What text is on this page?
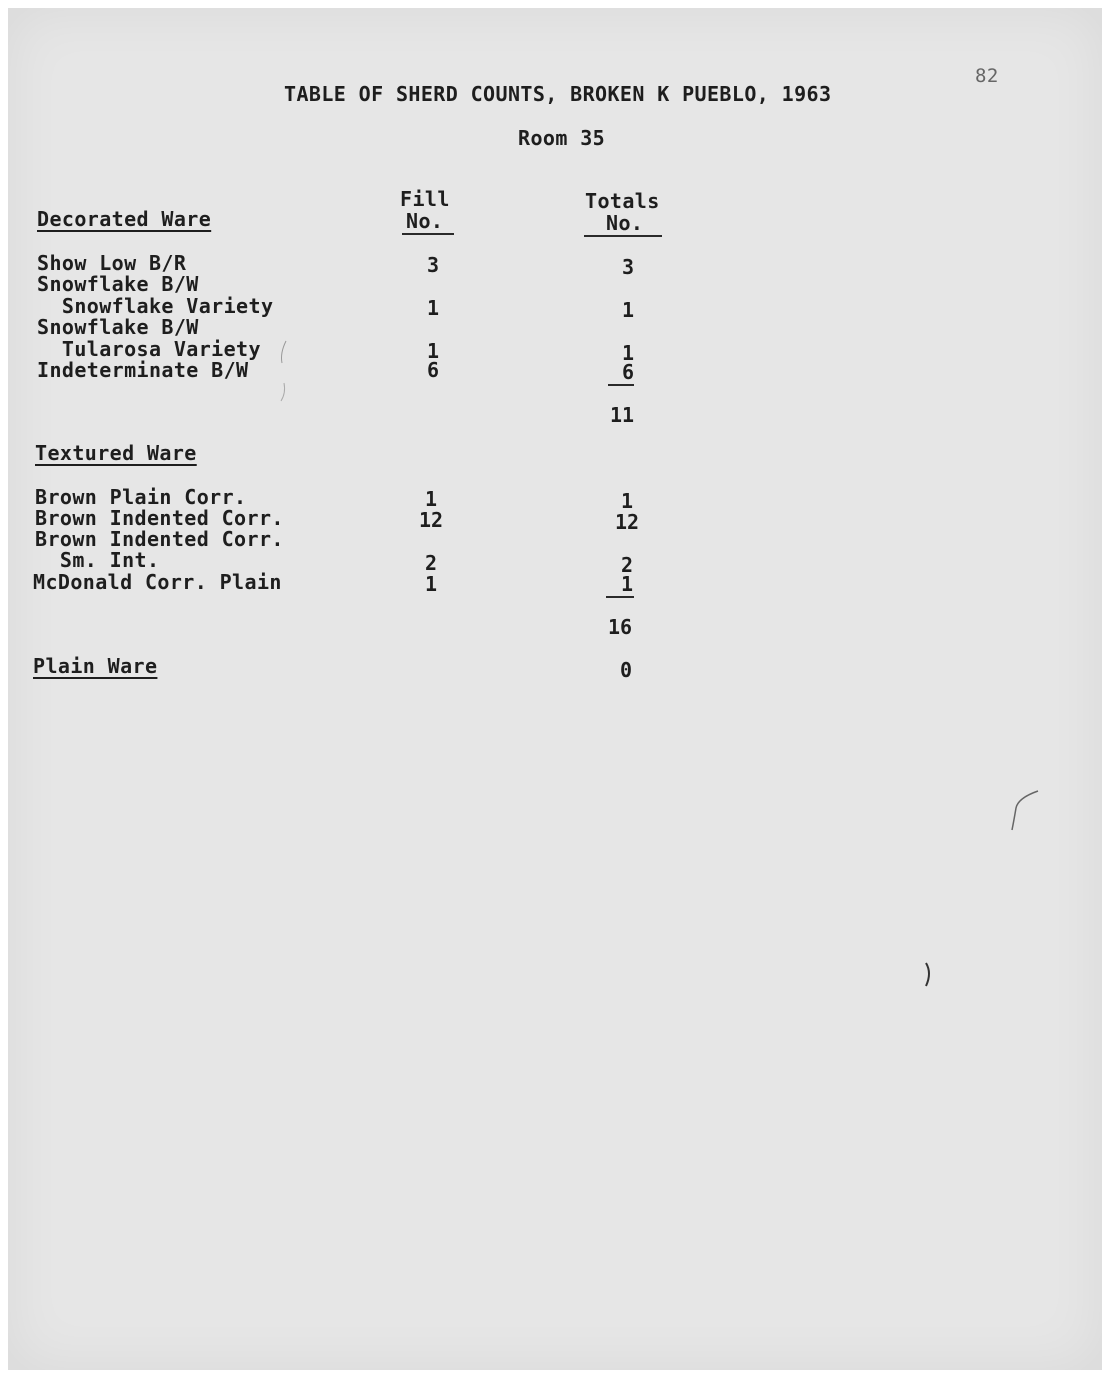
82
TABLE OF SHERD COUNTS, BROKEN K PUEBLO, 1963
Room 35
Fill
No.
Totals
No.
Decorated Ware
Show Low B/R
Snowflake B/W
Snowflake Variety
Snowflake B/W
Tularosa Variety
Indeterminate B/W
3
1
1
6
3
1
1
6
11
Textured Ware
Brown Plain Corr.
Brown Indented Corr.
Brown Indented Corr.
Sm. Int.
McDonald Corr. Plain
1
12
2
1
1
12
2
1
16
Plain Ware	0
